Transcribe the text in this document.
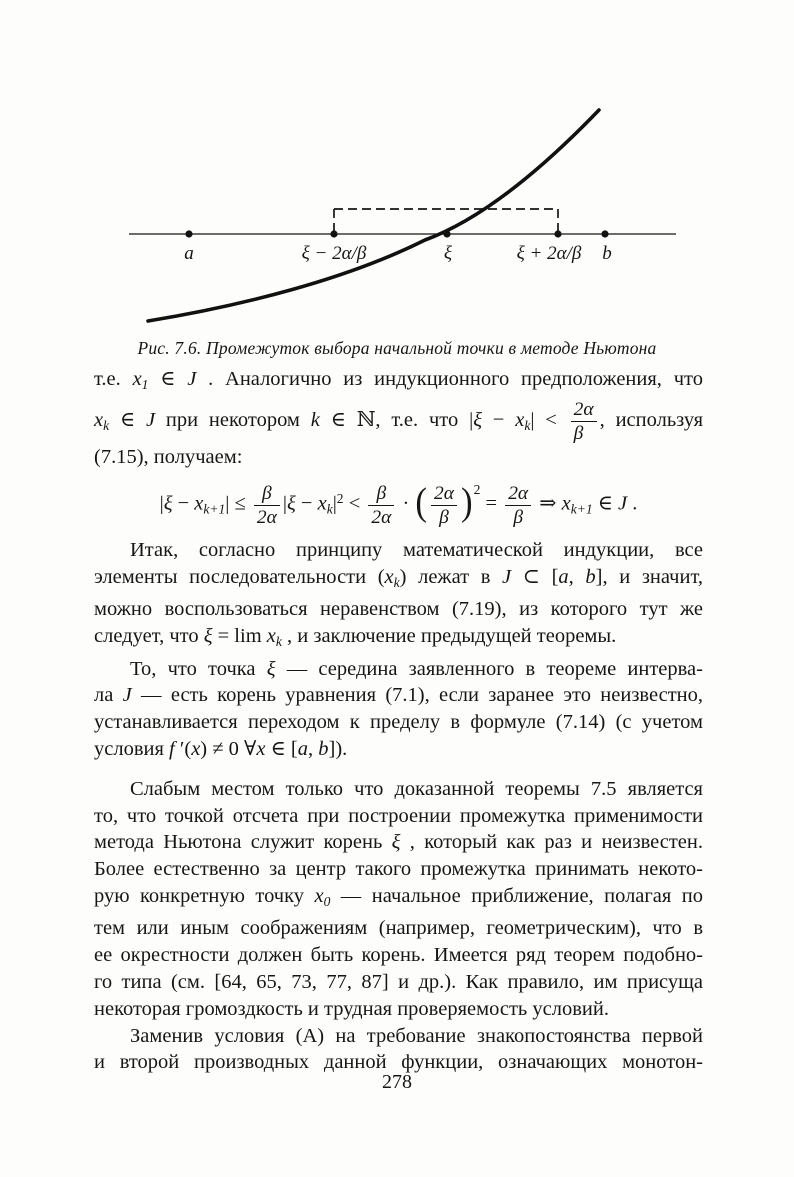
a	ξ − 2α/β	ξ	ξ + 2α/β b
Рис. 7.6. Промежуток выбора начальной точки в методе Ньютона
т.е. x1 ∈ J . Аналогично из индукционного предположения, что
xk ∈ J при некотором k ∈ ℕ, т.е. что $|\xi - xk| < \frac{2\alpha}{\beta}$ , используя
(7.15), получаем:
$|\xi - xk+1| \le \frac{\beta}{2\alpha} |\xi - xk|^2 < \frac{\beta}{2\alpha}$ · ( $\frac{2\alpha}{\beta} )^2 = \frac{2\alpha}{\beta}$ ⇒ xk+1 ∈ J .
Итак, согласно принципу математической индукции, все
элементы последовательности (xk) лежат в J ⊂ [a, b], и значит,
можно воспользоваться неравенством (7.19), из которого тут же
следует, что ξ = lim xk , и заключение предыдущей теоремы.
То, что точка ξ — середина заявленного в теореме интерва-
ла J — есть корень уравнения (7.1), если заранее это неизвестно,
устанавливается переходом к пределу в формуле (7.14) (с учетом
условия f ′(x) ≠ 0 ∀x ∈ [a, b]).
Слабым местом только что доказанной теоремы 7.5 является
то, что точкой отсчета при построении промежутка применимости
метода Ньютона служит корень ξ , который как раз и неизвестен.
Более естественно за центр такого промежутка принимать некото-
рую конкретную точку x0 — начальное приближение, полагая по
тем или иным соображениям (например, геометрическим), что в
ее окрестности должен быть корень. Имеется ряд теорем подобно-
го типа (см. [64, 65, 73, 77, 87] и др.). Как правило, им присуща
некоторая громоздкость и трудная проверяемость условий.
Заменив условия (А) на требование знакопостоянства первой
и второй производных данной функции, означающих монотон-
278
